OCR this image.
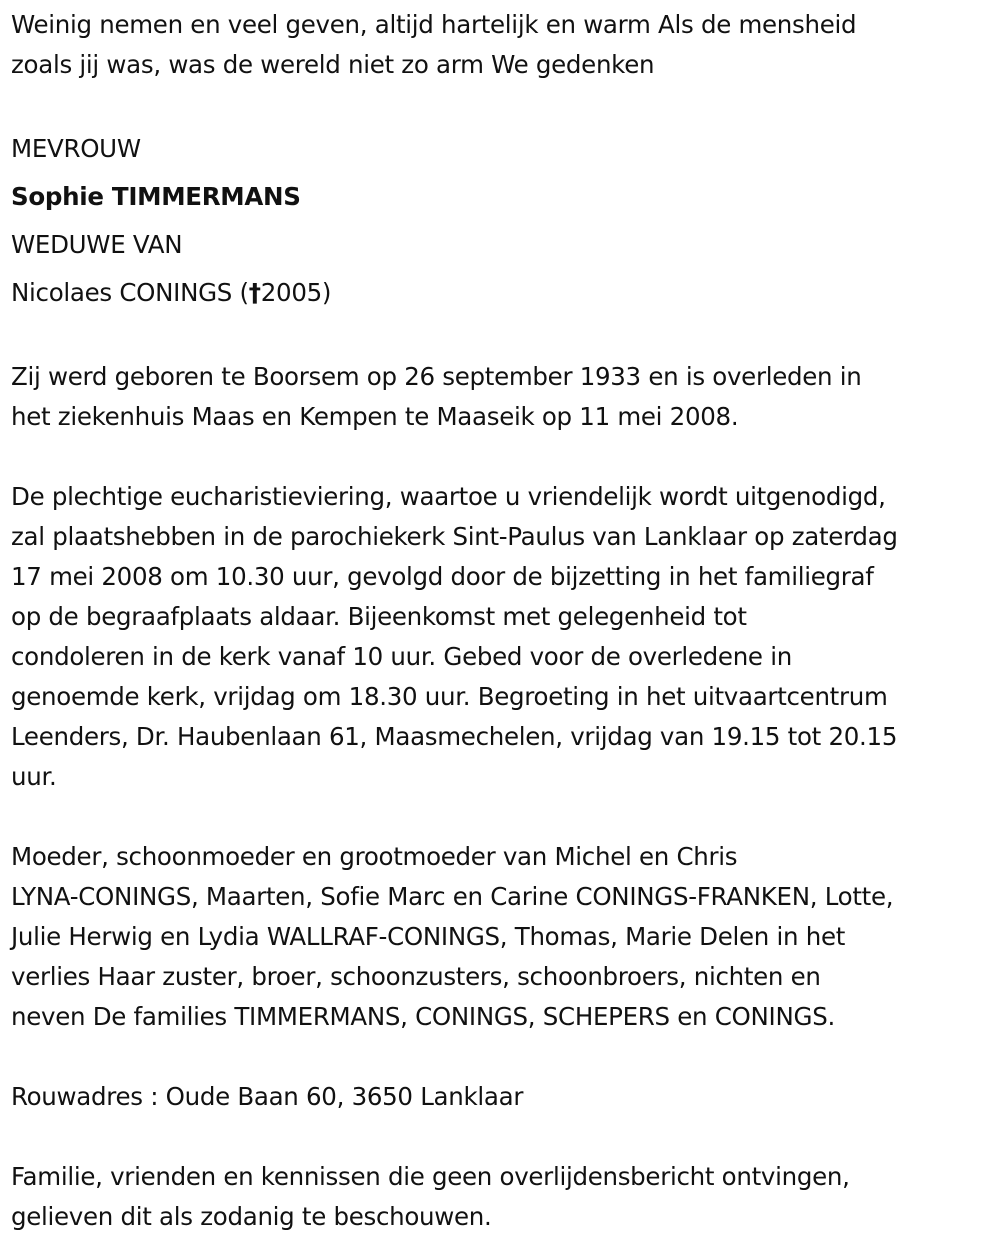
Weinig nemen en veel geven, altijd hartelijk en warm Als de mensheid
zoals jij was, was de wereld niet zo arm We gedenken
MEVROUW
Sophie TIMMERMANS
WEDUWE VAN
Nicolaes CONINGS (†2005)
Zij werd geboren te Boorsem op 26 september 1933 en is overleden in
het ziekenhuis Maas en Kempen te Maaseik op 11 mei 2008.
De plechtige eucharistieviering, waartoe u vriendelijk wordt uitgenodigd,
zal plaatshebben in de parochiekerk Sint-Paulus van Lanklaar op zaterdag
17 mei 2008 om 10.30 uur, gevolgd door de bijzetting in het familiegraf
op de begraafplaats aldaar. Bijeenkomst met gelegenheid tot
condoleren in de kerk vanaf 10 uur. Gebed voor de overledene in
genoemde kerk, vrijdag om 18.30 uur. Begroeting in het uitvaartcentrum
Leenders, Dr. Haubenlaan 61, Maasmechelen, vrijdag van 19.15 tot 20.15
uur.
Moeder, schoonmoeder en grootmoeder van Michel en Chris
LYNA-CONINGS, Maarten, Sofie Marc en Carine CONINGS-FRANKEN, Lotte,
Julie Herwig en Lydia WALLRAF-CONINGS, Thomas, Marie Delen in het
verlies Haar zuster, broer, schoonzusters, schoonbroers, nichten en
neven De families TIMMERMANS, CONINGS, SCHEPERS en CONINGS.
Rouwadres : Oude Baan 60, 3650 Lanklaar
Familie, vrienden en kennissen die geen overlijdensbericht ontvingen,
gelieven dit als zodanig te beschouwen.
